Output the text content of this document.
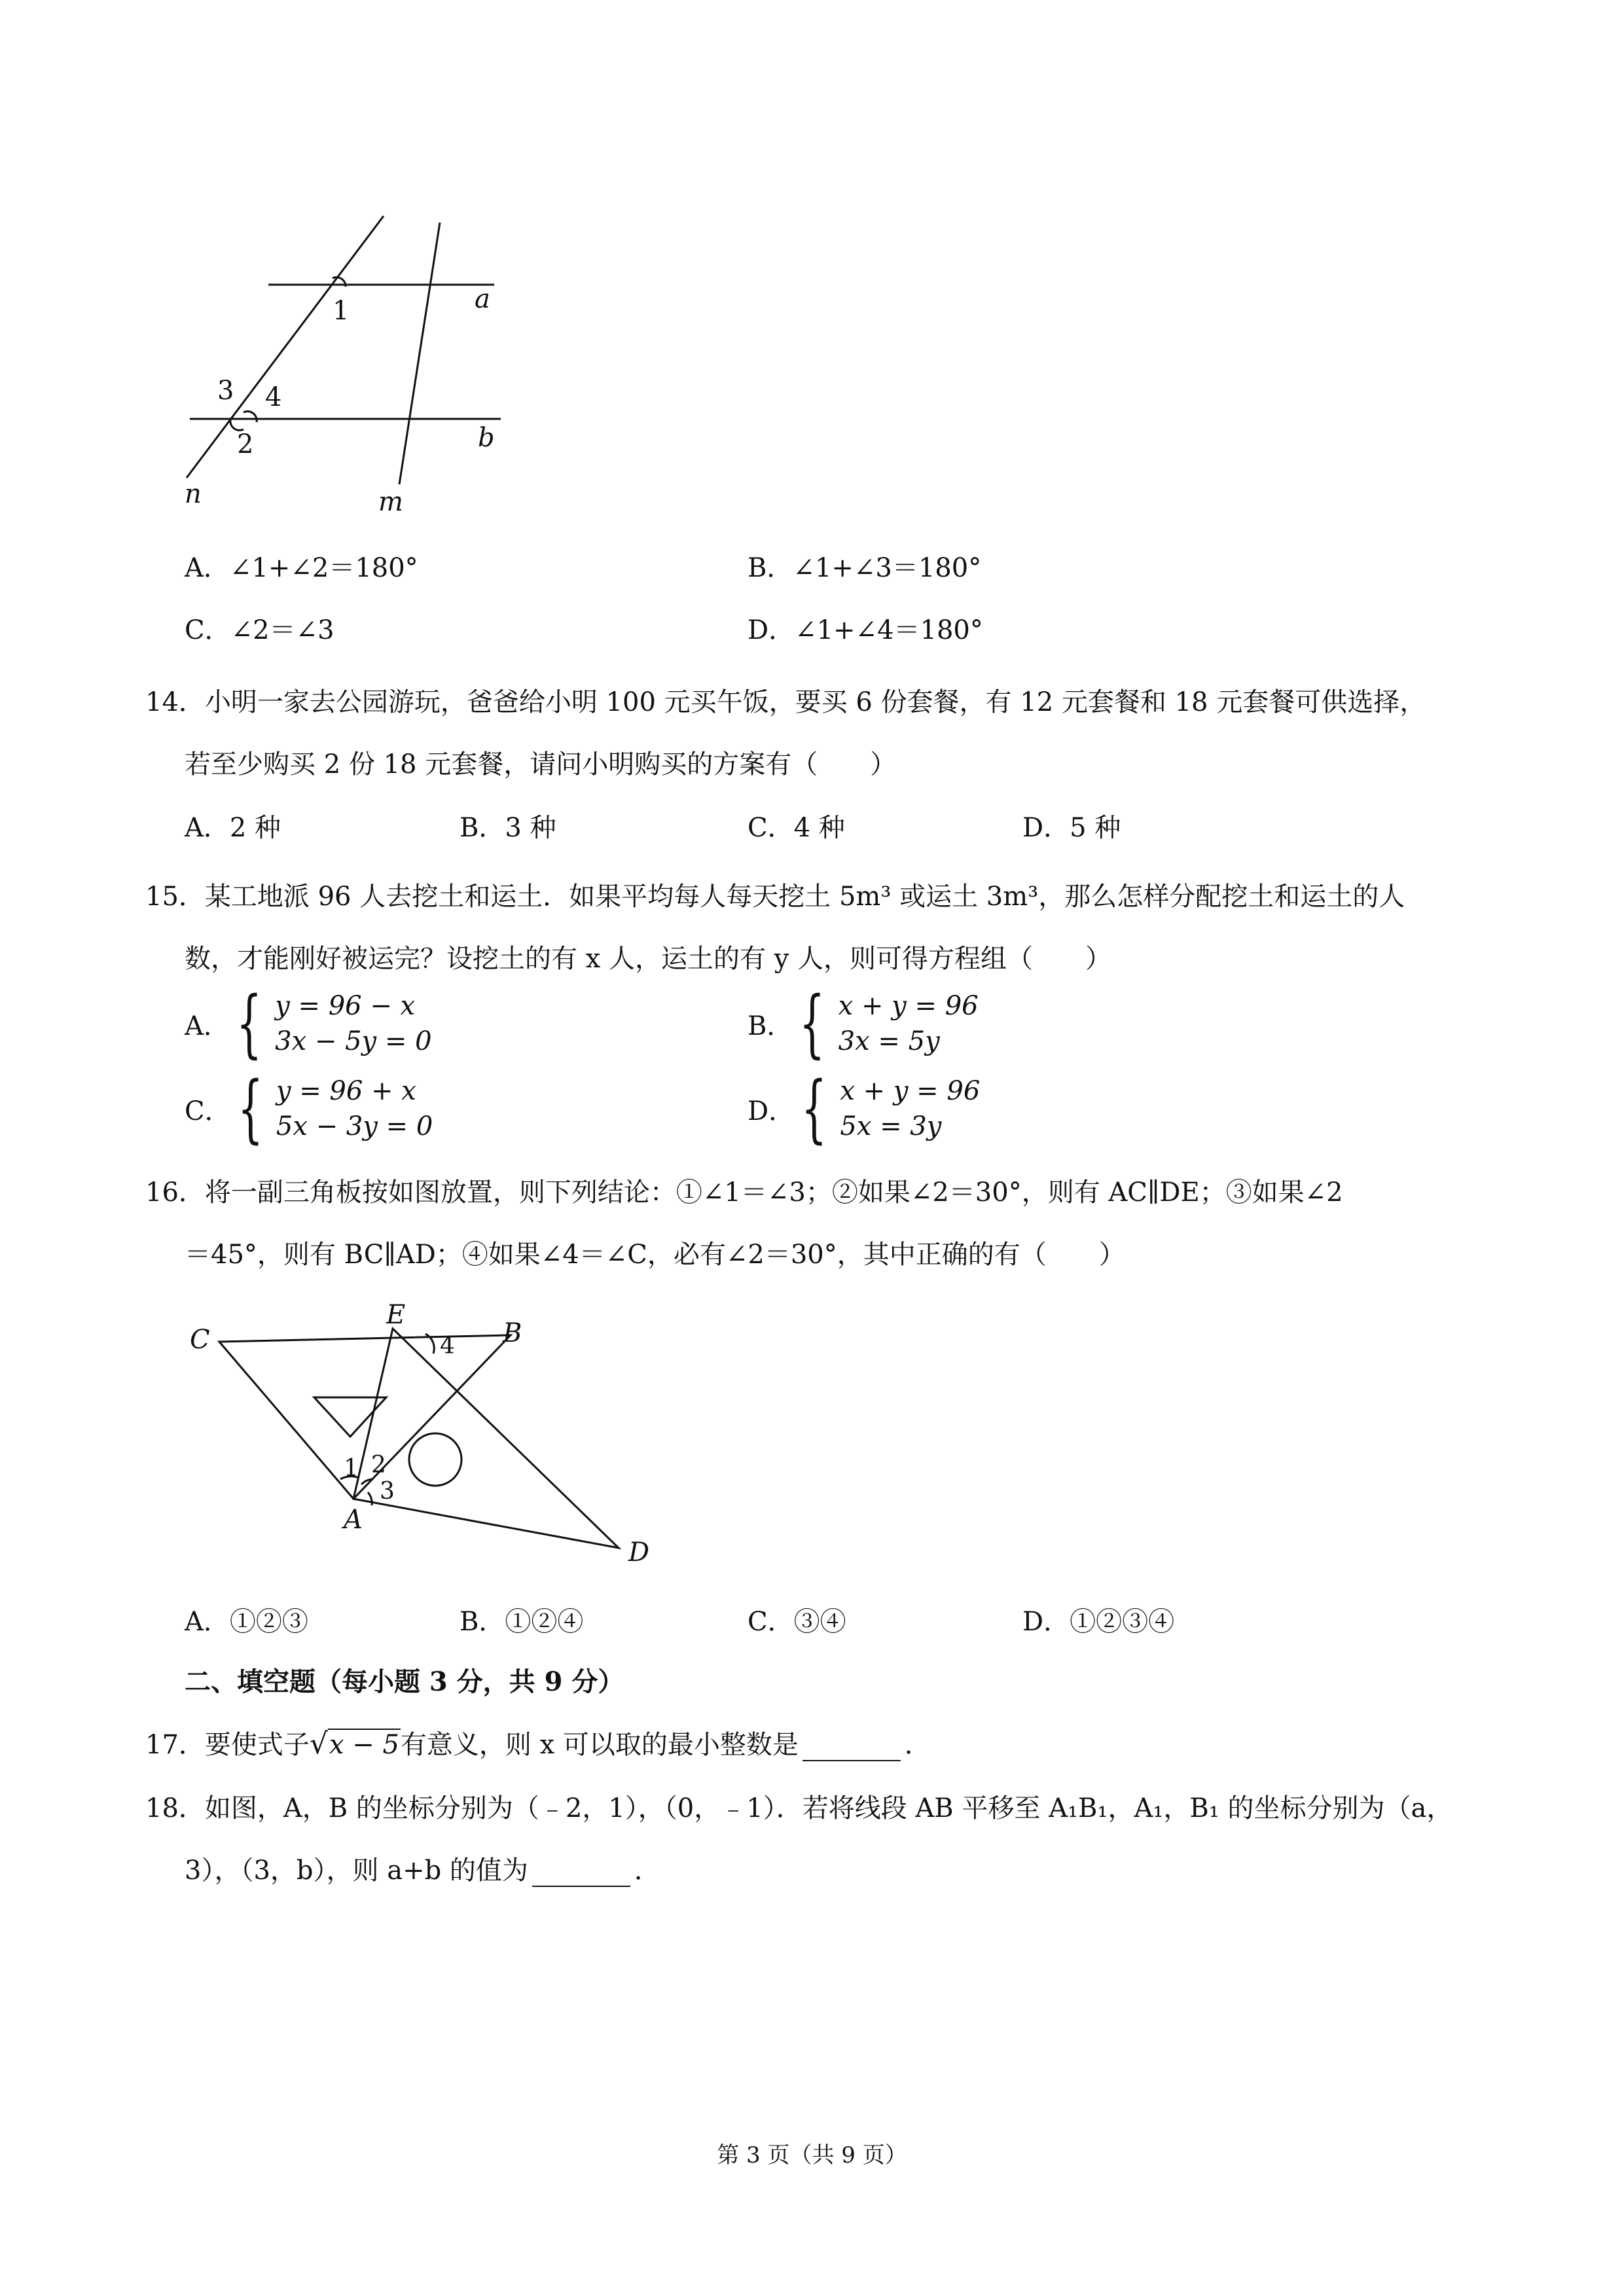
1
3 4
2
a
b
n	m
A．∠1+∠2＝180°	B．∠1+∠3＝180°
C．∠2＝∠3	D．∠1+∠4＝180°
14．小明一家去公园游玩，爸爸给小明 100 元买午饭，要买 6 份套餐，有 12 元套餐和 18 元套餐可供选择，
若至少购买 2 份 18 元套餐，请问小明购买的方案有（　　）
A．2 种	B．3 种	C．4 种	D．5 种
15．某工地派 96 人去挖土和运土．如果平均每人每天挖土 5m³ 或运土 3m³，那么怎样分配挖土和运土的人
数，才能刚好被运完？设挖土的有 x 人，运土的有 y 人，则可得方程组（　　）
A． { y = 96 − x
3x − 5y = 0
B． { x + y = 96
3x = 5y
C． { y = 96 + x
5x − 3y = 0
D． { x + y = 96
5x = 3y
16．将一副三角板按如图放置，则下列结论：①∠1＝∠3；②如果∠2＝30°，则有 AC∥DE；③如果∠2
＝45°，则有 BC∥AD；④如果∠4＝∠C，必有∠2＝30°，其中正确的有（　　）
C
E
B
A
D
4
1 2
3
A．①②③	B．①②④	C．③④	D．①②③④
二、填空题（每小题 3 分，共 9 分）
17．要使式子√x − 5有意义，则 x 可以取的最小整数是	．
18．如图，A，B 的坐标分别为（﹣2，1），（0，﹣1）．若将线段 AB 平移至 A₁B₁，A₁，B₁ 的坐标分别为（a，
3），（3，b），则 a+b 的值为	．
第 3 页（共 9 页）
